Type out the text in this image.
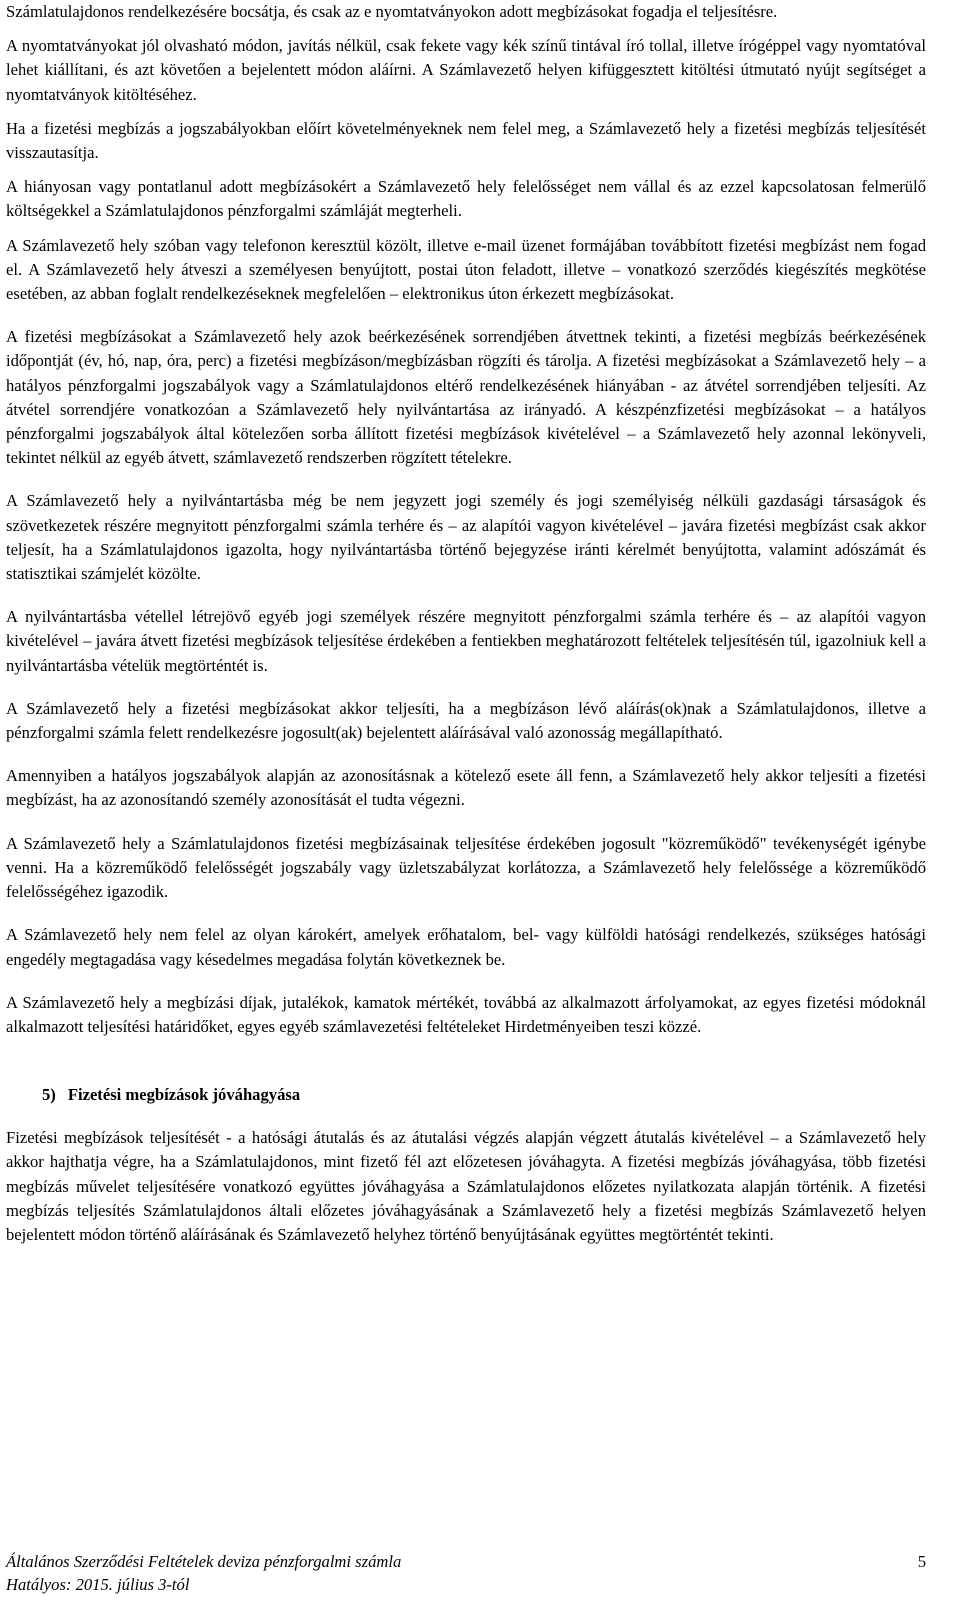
Számlatulajdonos rendelkezésére bocsátja, és csak az e nyomtatványokon adott megbízásokat fogadja el teljesítésre.

A nyomtatványokat jól olvasható módon, javítás nélkül, csak fekete vagy kék színű tintával író tollal, illetve írógéppel vagy nyomtatóval lehet kiállítani, és azt követően a bejelentett módon aláírni. A Számlavezető helyen kifüggesztett kitöltési útmutató nyújt segítséget a nyomtatványok kitöltéséhez.

Ha a fizetési megbízás a jogszabályokban előírt követelményeknek nem felel meg, a Számlavezető hely a fizetési megbízás teljesítését visszautasítja.

A hiányosan vagy pontatlanul adott megbízásokért a Számlavezető hely felelősséget nem vállal és az ezzel kapcsolatosan felmerülő költségekkel a Számlatulajdonos pénzforgalmi számláját megterheli.

A Számlavezető hely szóban vagy telefonon keresztül közölt, illetve e-mail üzenet formájában továbbított fizetési megbízást nem fogad el. A Számlavezető hely átveszi a személyesen benyújtott, postai úton feladott, illetve – vonatkozó szerződés kiegészítés megkötése esetében, az abban foglalt rendelkezéseknek megfelelően – elektronikus úton érkezett megbízásokat.

A fizetési megbízásokat a Számlavezető hely azok beérkezésének sorrendjében átvettnek tekinti, a fizetési megbízás beérkezésének időpontját (év, hó, nap, óra, perc) a fizetési megbízáson/megbízásban rögzíti és tárolja. A fizetési megbízásokat a Számlavezető hely – a hatályos pénzforgalmi jogszabályok vagy a Számlatulajdonos eltérő rendelkezésének hiányában - az átvétel sorrendjében teljesíti. Az átvétel sorrendjére vonatkozóan a Számlavezető hely nyilvántartása az irányadó. A készpénzfizetési megbízásokat – a hatályos pénzforgalmi jogszabályok által kötelezően sorba állított fizetési megbízások kivételével – a Számlavezető hely azonnal lekönyveli, tekintet nélkül az egyéb átvett, számlavezető rendszerben rögzített tételekre.

A Számlavezető hely a nyilvántartásba még be nem jegyzett jogi személy és jogi személyiség nélküli gazdasági társaságok és szövetkezetek részére megnyitott pénzforgalmi számla terhére és – az alapítói vagyon kivételével – javára fizetési megbízást csak akkor teljesít, ha a Számlatulajdonos igazolta, hogy nyilvántartásba történő bejegyzése iránti kérelmét benyújtotta, valamint adószámát és statisztikai számjelét közölte.

A nyilvántartásba vétellel létrejövő egyéb jogi személyek részére megnyitott pénzforgalmi számla terhére és – az alapítói vagyon kivételével – javára átvett fizetési megbízások teljesítése érdekében a fentiekben meghatározott feltételek teljesítésén túl, igazolniuk kell a nyilvántartásba vételük megtörténtét is.

A Számlavezető hely a fizetési megbízásokat akkor teljesíti, ha a megbízáson lévő aláírás(ok)nak a Számlatulajdonos, illetve a pénzforgalmi számla felett rendelkezésre jogosult(ak) bejelentett aláírásával való azonosság megállapítható.

Amennyiben a hatályos jogszabályok alapján az azonosításnak a kötelező esete áll fenn, a Számlavezető hely akkor teljesíti a fizetési megbízást, ha az azonosítandó személy azonosítását el tudta végezni.

A Számlavezető hely a Számlatulajdonos fizetési megbízásainak teljesítése érdekében jogosult "közreműködő" tevékenységét igénybe venni. Ha a közreműködő felelősségét jogszabály vagy üzletszabályzat korlátozza, a Számlavezető hely felelőssége a közreműködő felelősségéhez igazodik.

A Számlavezető hely nem felel az olyan károkért, amelyek erőhatalom, bel- vagy külföldi hatósági rendelkezés, szükséges hatósági engedély megtagadása vagy késedelmes megadása folytán következnek be.

A Számlavezető hely a megbízási díjak, jutalékok, kamatok mértékét, továbbá az alkalmazott árfolyamokat, az egyes fizetési módoknál alkalmazott teljesítési határidőket, egyes egyéb számlavezetési feltételeket Hirdetményeiben teszi közzé.

5) Fizetési megbízások jóváhagyása

Fizetési megbízások teljesítését - a hatósági átutalás és az átutalási végzés alapján végzett átutalás kivételével – a Számlavezető hely akkor hajthatja végre, ha a Számlatulajdonos, mint fizető fél azt előzetesen jóváhagyta. A fizetési megbízás jóváhagyása, több fizetési megbízás művelet teljesítésére vonatkozó együttes jóváhagyása a Számlatulajdonos előzetes nyilatkozata alapján történik. A fizetési megbízás teljesítés Számlatulajdonos általi előzetes jóváhagyásának a Számlavezető hely a fizetési megbízás Számlavezető helyen bejelentett módon történő aláírásának és Számlavezető helyhez történő benyújtásának együttes megtörténtét tekinti.

Általános Szerződési Feltételek deviza pénzforgalmi számla	5
Hatályos: 2015. július 3-tól
